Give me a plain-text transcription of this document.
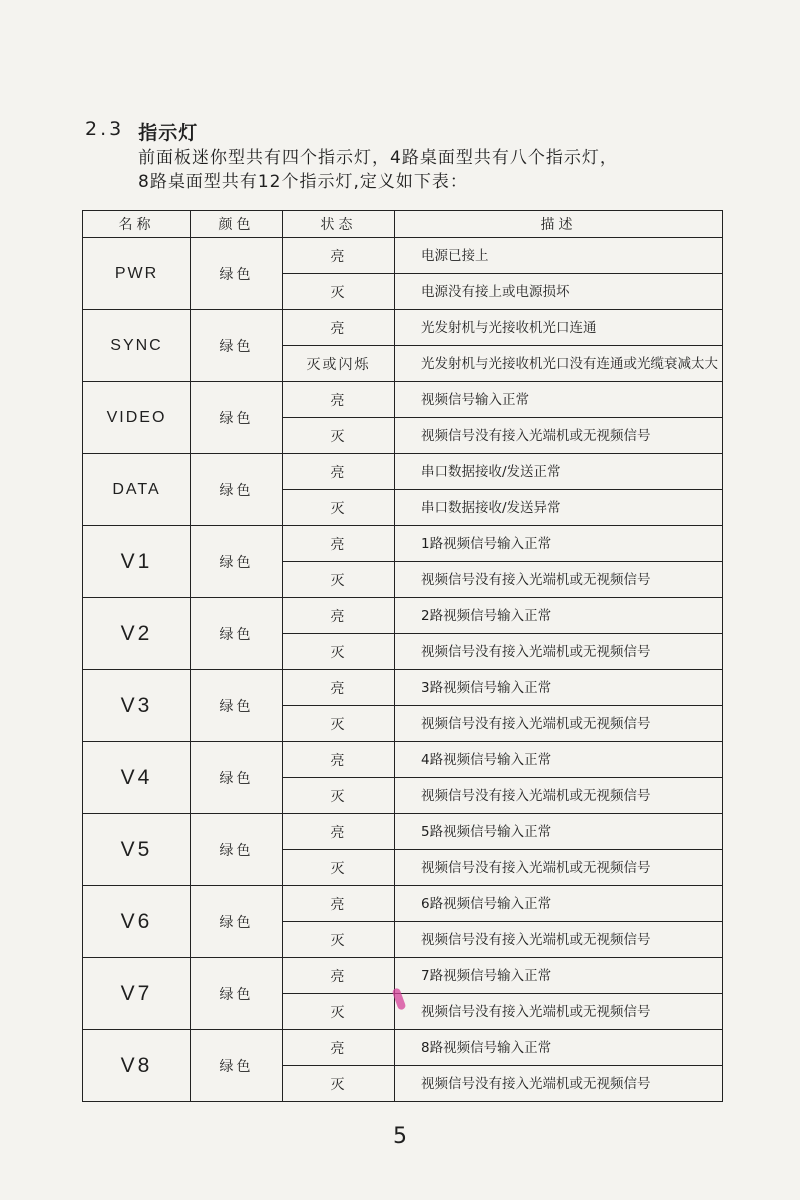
2.3 指示灯
前面板迷你型共有四个指示灯，4路桌面型共有八个指示灯，
8路桌面型共有12个指示灯,定义如下表：
名称	颜色	状态	描述
PWR	绿色	亮	电源已接上
		灭	电源没有接上或电源损坏
SYNC	绿色	亮	光发射机与光接收机光口连通
		灭或闪烁	光发射机与光接收机光口没有连通或光缆衰减太大
VIDEO	绿色	亮	视频信号输入正常
		灭	视频信号没有接入光端机或无视频信号
DATA	绿色	亮	串口数据接收/发送正常
		灭	串口数据接收/发送异常
V1	绿色	亮	1路视频信号输入正常
		灭	视频信号没有接入光端机或无视频信号
V2	绿色	亮	2路视频信号输入正常
		灭	视频信号没有接入光端机或无视频信号
V3	绿色	亮	3路视频信号输入正常
		灭	视频信号没有接入光端机或无视频信号
V4	绿色	亮	4路视频信号输入正常
		灭	视频信号没有接入光端机或无视频信号
V5	绿色	亮	5路视频信号输入正常
		灭	视频信号没有接入光端机或无视频信号
V6	绿色	亮	6路视频信号输入正常
		灭	视频信号没有接入光端机或无视频信号
V7	绿色	亮	7路视频信号输入正常
		灭	视频信号没有接入光端机或无视频信号
V8	绿色	亮	8路视频信号输入正常
		灭	视频信号没有接入光端机或无视频信号
5
